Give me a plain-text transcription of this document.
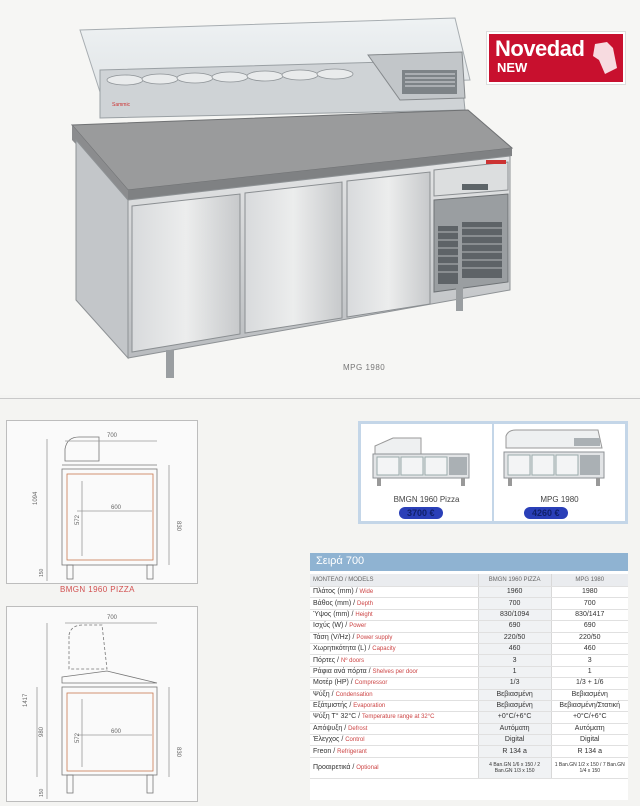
Sammic
Novedad
NEW
MPG 1980
700
1094
830
572
600
150
BMGN 1960 PIZZA
700
1417
980
572
600
830
150
BMGN 1960 Pizza
3700 €
MPG 1980
4260 €
Σειρά 700
ΜΟΝΤΕΛΟ / MODELS	BMGN 1960 PIZZA	MPG 1980
Πλάτος (mm) / Wide	1960	1980
Βάθος (mm) / Depth	700	700
Ύψος (mm) / Height	830/1094	830/1417
Ισχύς (W) / Power	690	690
Τάση (V/Hz) / Power supply	220/50	220/50
Χωρητικότητα (L) / Capacity	460	460
Πόρτες / Nº doors	3	3
Ράφια ανά πόρτα / Shelves per door	1	1
Μοτέρ (HP) / Compressor	1/3	1/3 + 1/6
Ψύξη / Condensation	Βεβιασμένη	Βεβιασμένη
Εξάτμιστής / Evaporation	Βεβιασμένη	Βεβιασμένη/Στατική
Ψύξη Τ° 32°C / Temperature range at 32°C	+0°C/+6°C	+0°C/+6°C
Απόψυξη / Defrost	Αυτόματη	Αυτόματη
Έλεγχος / Control	Digital	Digital
Freon / Refrigerant	R 134 a	R 134 a
Προαιρετικά / Optional	4 Ban.GN 1/6 x 150 / 2 Ban.GN 1/3 x 150	1 Ban.GN 1/2 x 150 / 7 Ban.GN 1/4 x 150
